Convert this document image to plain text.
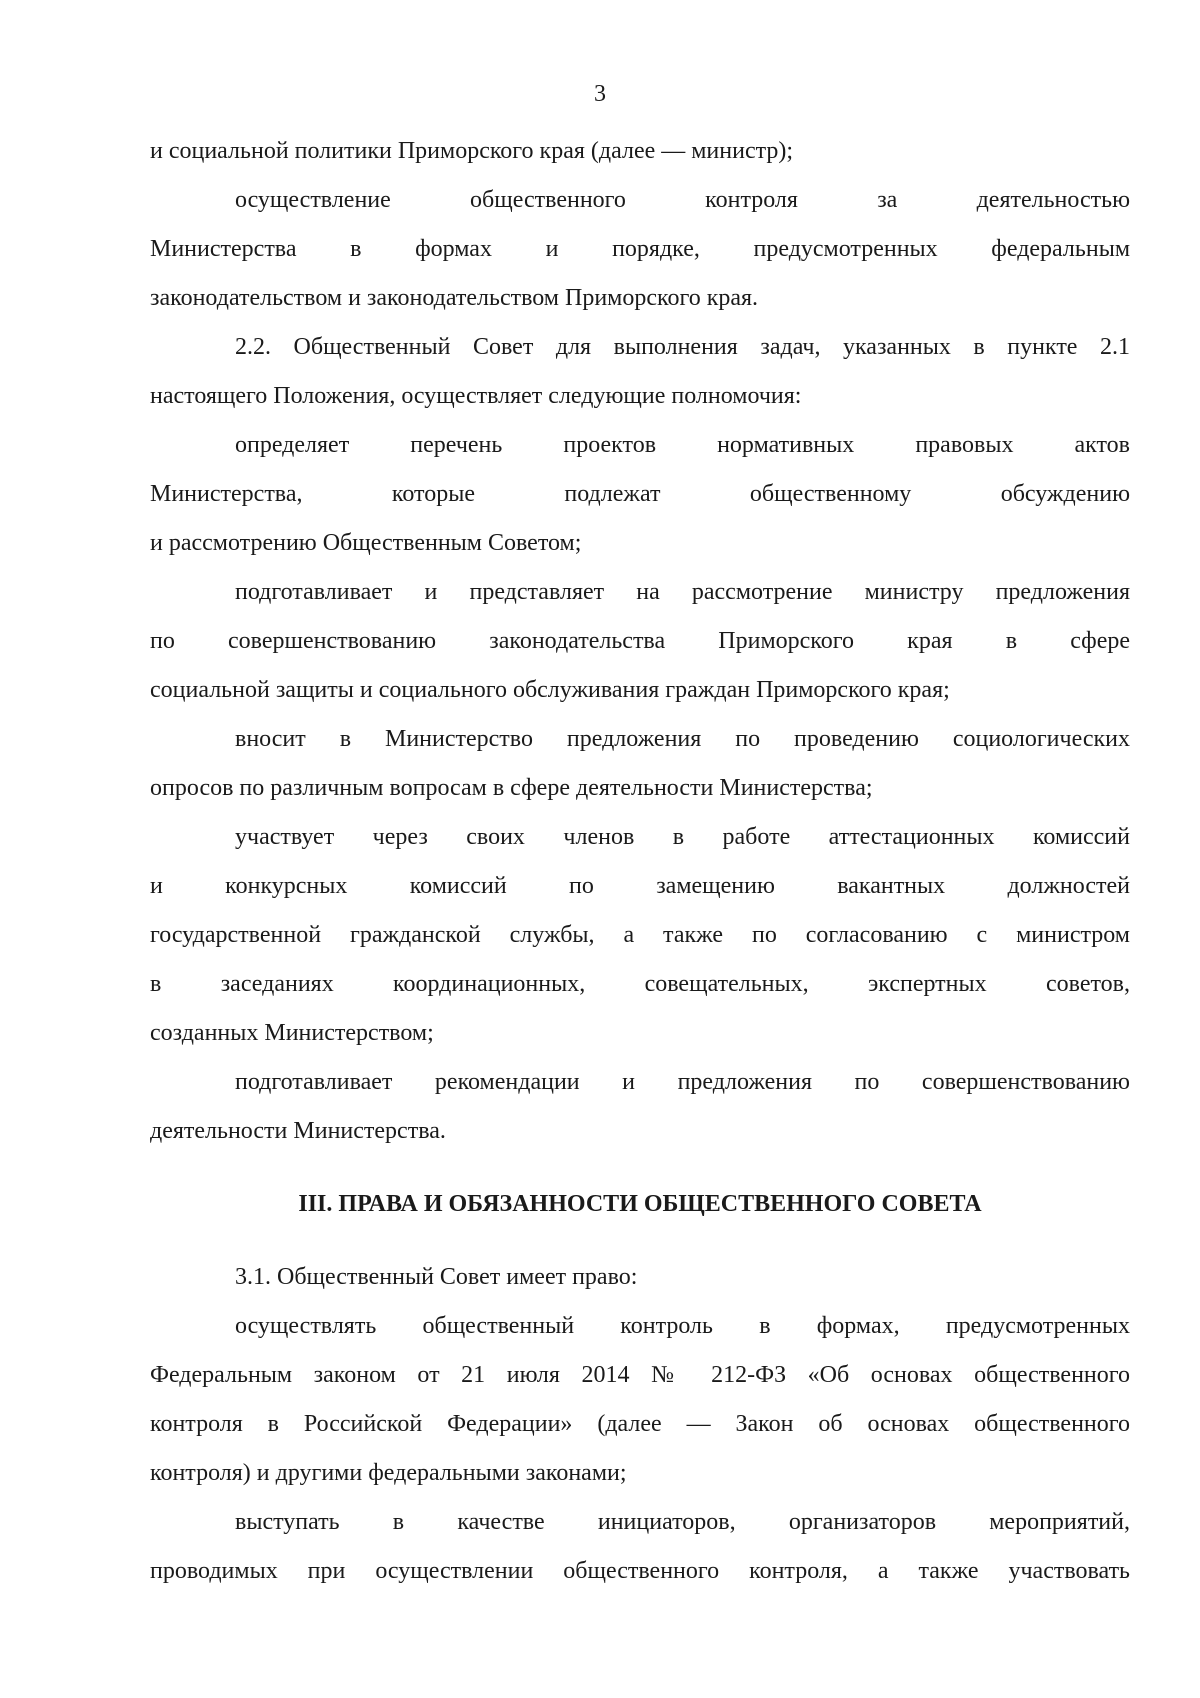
3
и социальной политики Приморского края (далее — министр);
осуществление общественного контроля за деятельностью
Министерства в формах и порядке, предусмотренных федеральным
законодательством и законодательством Приморского края.
2.2. Общественный Совет для выполнения задач, указанных в пункте 2.1
настоящего Положения, осуществляет следующие полномочия:
определяет перечень проектов нормативных правовых актов
Министерства, которые подлежат общественному обсуждению
и рассмотрению Общественным Советом;
подготавливает и представляет на рассмотрение министру предложения
по совершенствованию законодательства Приморского края в сфере
социальной защиты и социального обслуживания граждан Приморского края;
вносит в Министерство предложения по проведению социологических
опросов по различным вопросам в сфере деятельности Министерства;
участвует через своих членов в работе аттестационных комиссий
и конкурсных комиссий по замещению вакантных должностей
государственной гражданской службы, а также по согласованию с министром
в заседаниях координационных, совещательных, экспертных советов,
созданных Министерством;
подготавливает рекомендации и предложения по совершенствованию
деятельности Министерства.
III. ПРАВА И ОБЯЗАННОСТИ ОБЩЕСТВЕННОГО СОВЕТА
3.1. Общественный Совет имеет право:
осуществлять общественный контроль в формах, предусмотренных
Федеральным законом от 21 июля 2014 № 212-ФЗ «Об основах общественного
контроля в Российской Федерации» (далее — Закон об основах общественного
контроля) и другими федеральными законами;
выступать в качестве инициаторов, организаторов мероприятий,
проводимых при осуществлении общественного контроля, а также участвовать
